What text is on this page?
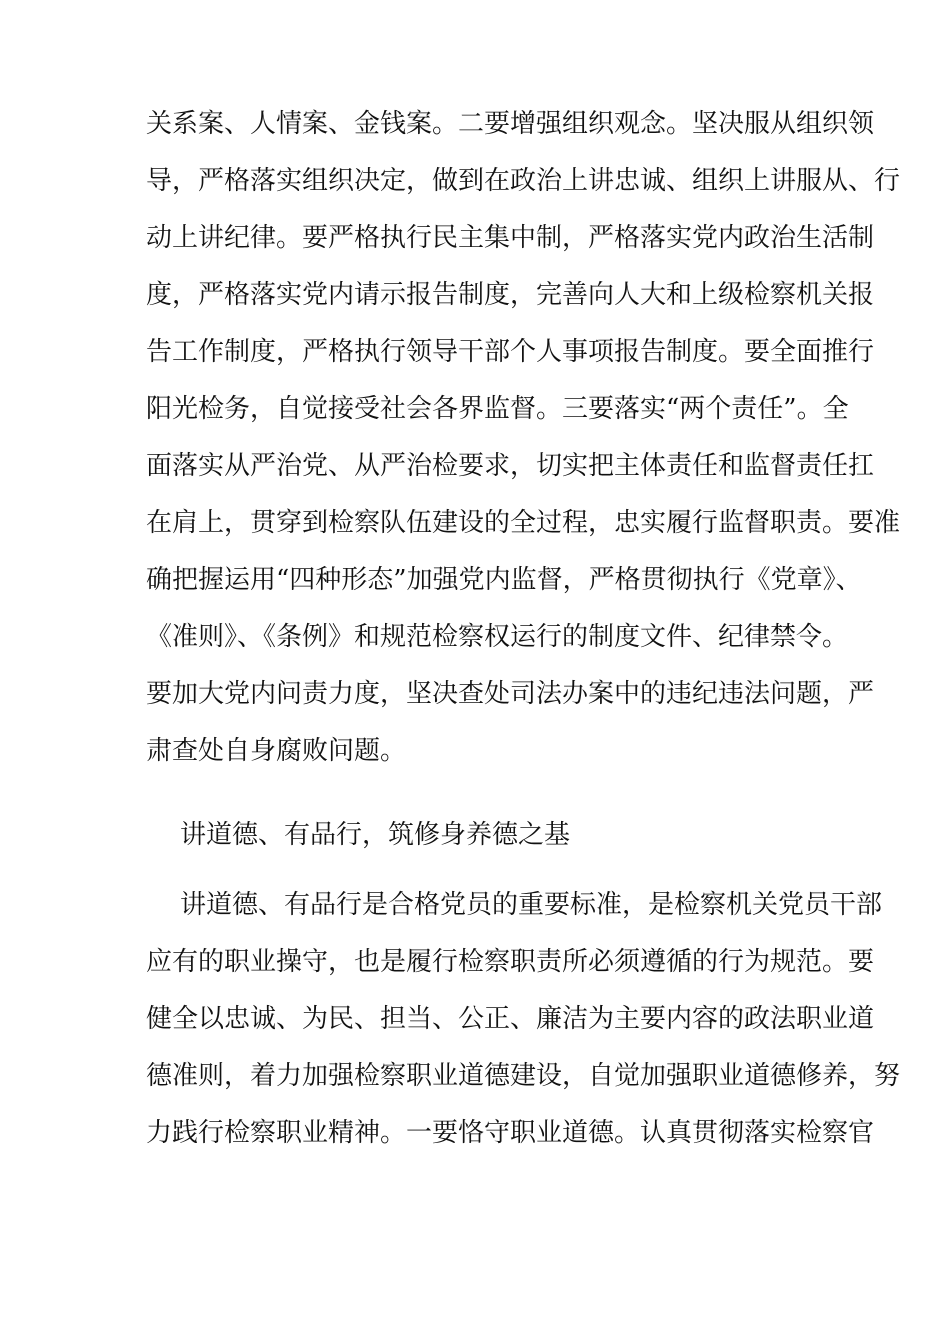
关系案、人情案、金钱案。二要增强组织观念。坚决服从组织领
导，严格落实组织决定，做到在政治上讲忠诚、组织上讲服从、行
动上讲纪律。要严格执行民主集中制，严格落实党内政治生活制
度，严格落实党内请示报告制度，完善向人大和上级检察机关报
告工作制度，严格执行领导干部个人事项报告制度。要全面推行
阳光检务，自觉接受社会各界监督。三要落实“两个责任”。全
面落实从严治党、从严治检要求，切实把主体责任和监督责任扛
在肩上，贯穿到检察队伍建设的全过程，忠实履行监督职责。要准
确把握运用“四种形态”加强党内监督，严格贯彻执行《党章》、
《准则》、《条例》和规范检察权运行的制度文件、纪律禁令。
要加大党内问责力度，坚决查处司法办案中的违纪违法问题，严
肃查处自身腐败问题。
讲道德、有品行，筑修身养德之基
讲道德、有品行是合格党员的重要标准，是检察机关党员干部
应有的职业操守，也是履行检察职责所必须遵循的行为规范。要
健全以忠诚、为民、担当、公正、廉洁为主要内容的政法职业道
德准则，着力加强检察职业道德建设，自觉加强职业道德修养，努
力践行检察职业精神。一要恪守职业道德。认真贯彻落实检察官
